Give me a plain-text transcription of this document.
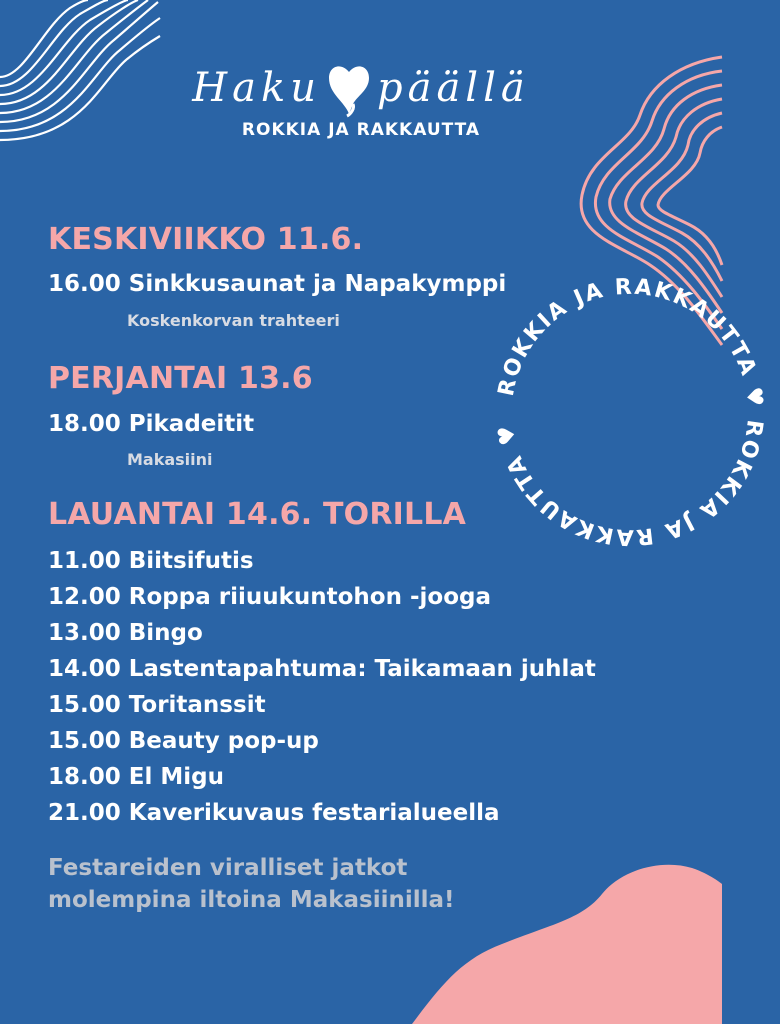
ROKKIA JA RAKKAUTTA ♥ ROKKIA JA RAKKAUTTA ♥
Haku päällä
ROKKIA JA RAKKAUTTA
KESKIVIIKKO 11.6.
16.00 Sinkkusaunat ja Napakymppi
Koskenkorvan trahteeri
PERJANTAI 13.6
18.00 Pikadeitit
Makasiini
LAUANTAI 14.6. TORILLA
11.00 Biitsifutis
12.00 Roppa riiuukuntohon -jooga
13.00 Bingo
14.00 Lastentapahtuma: Taikamaan juhlat
15.00 Toritanssit
15.00 Beauty pop-up
18.00 El Migu
21.00 Kaverikuvaus festarialueella
Festareiden viralliset jatkot
molempina iltoina Makasiinilla!
